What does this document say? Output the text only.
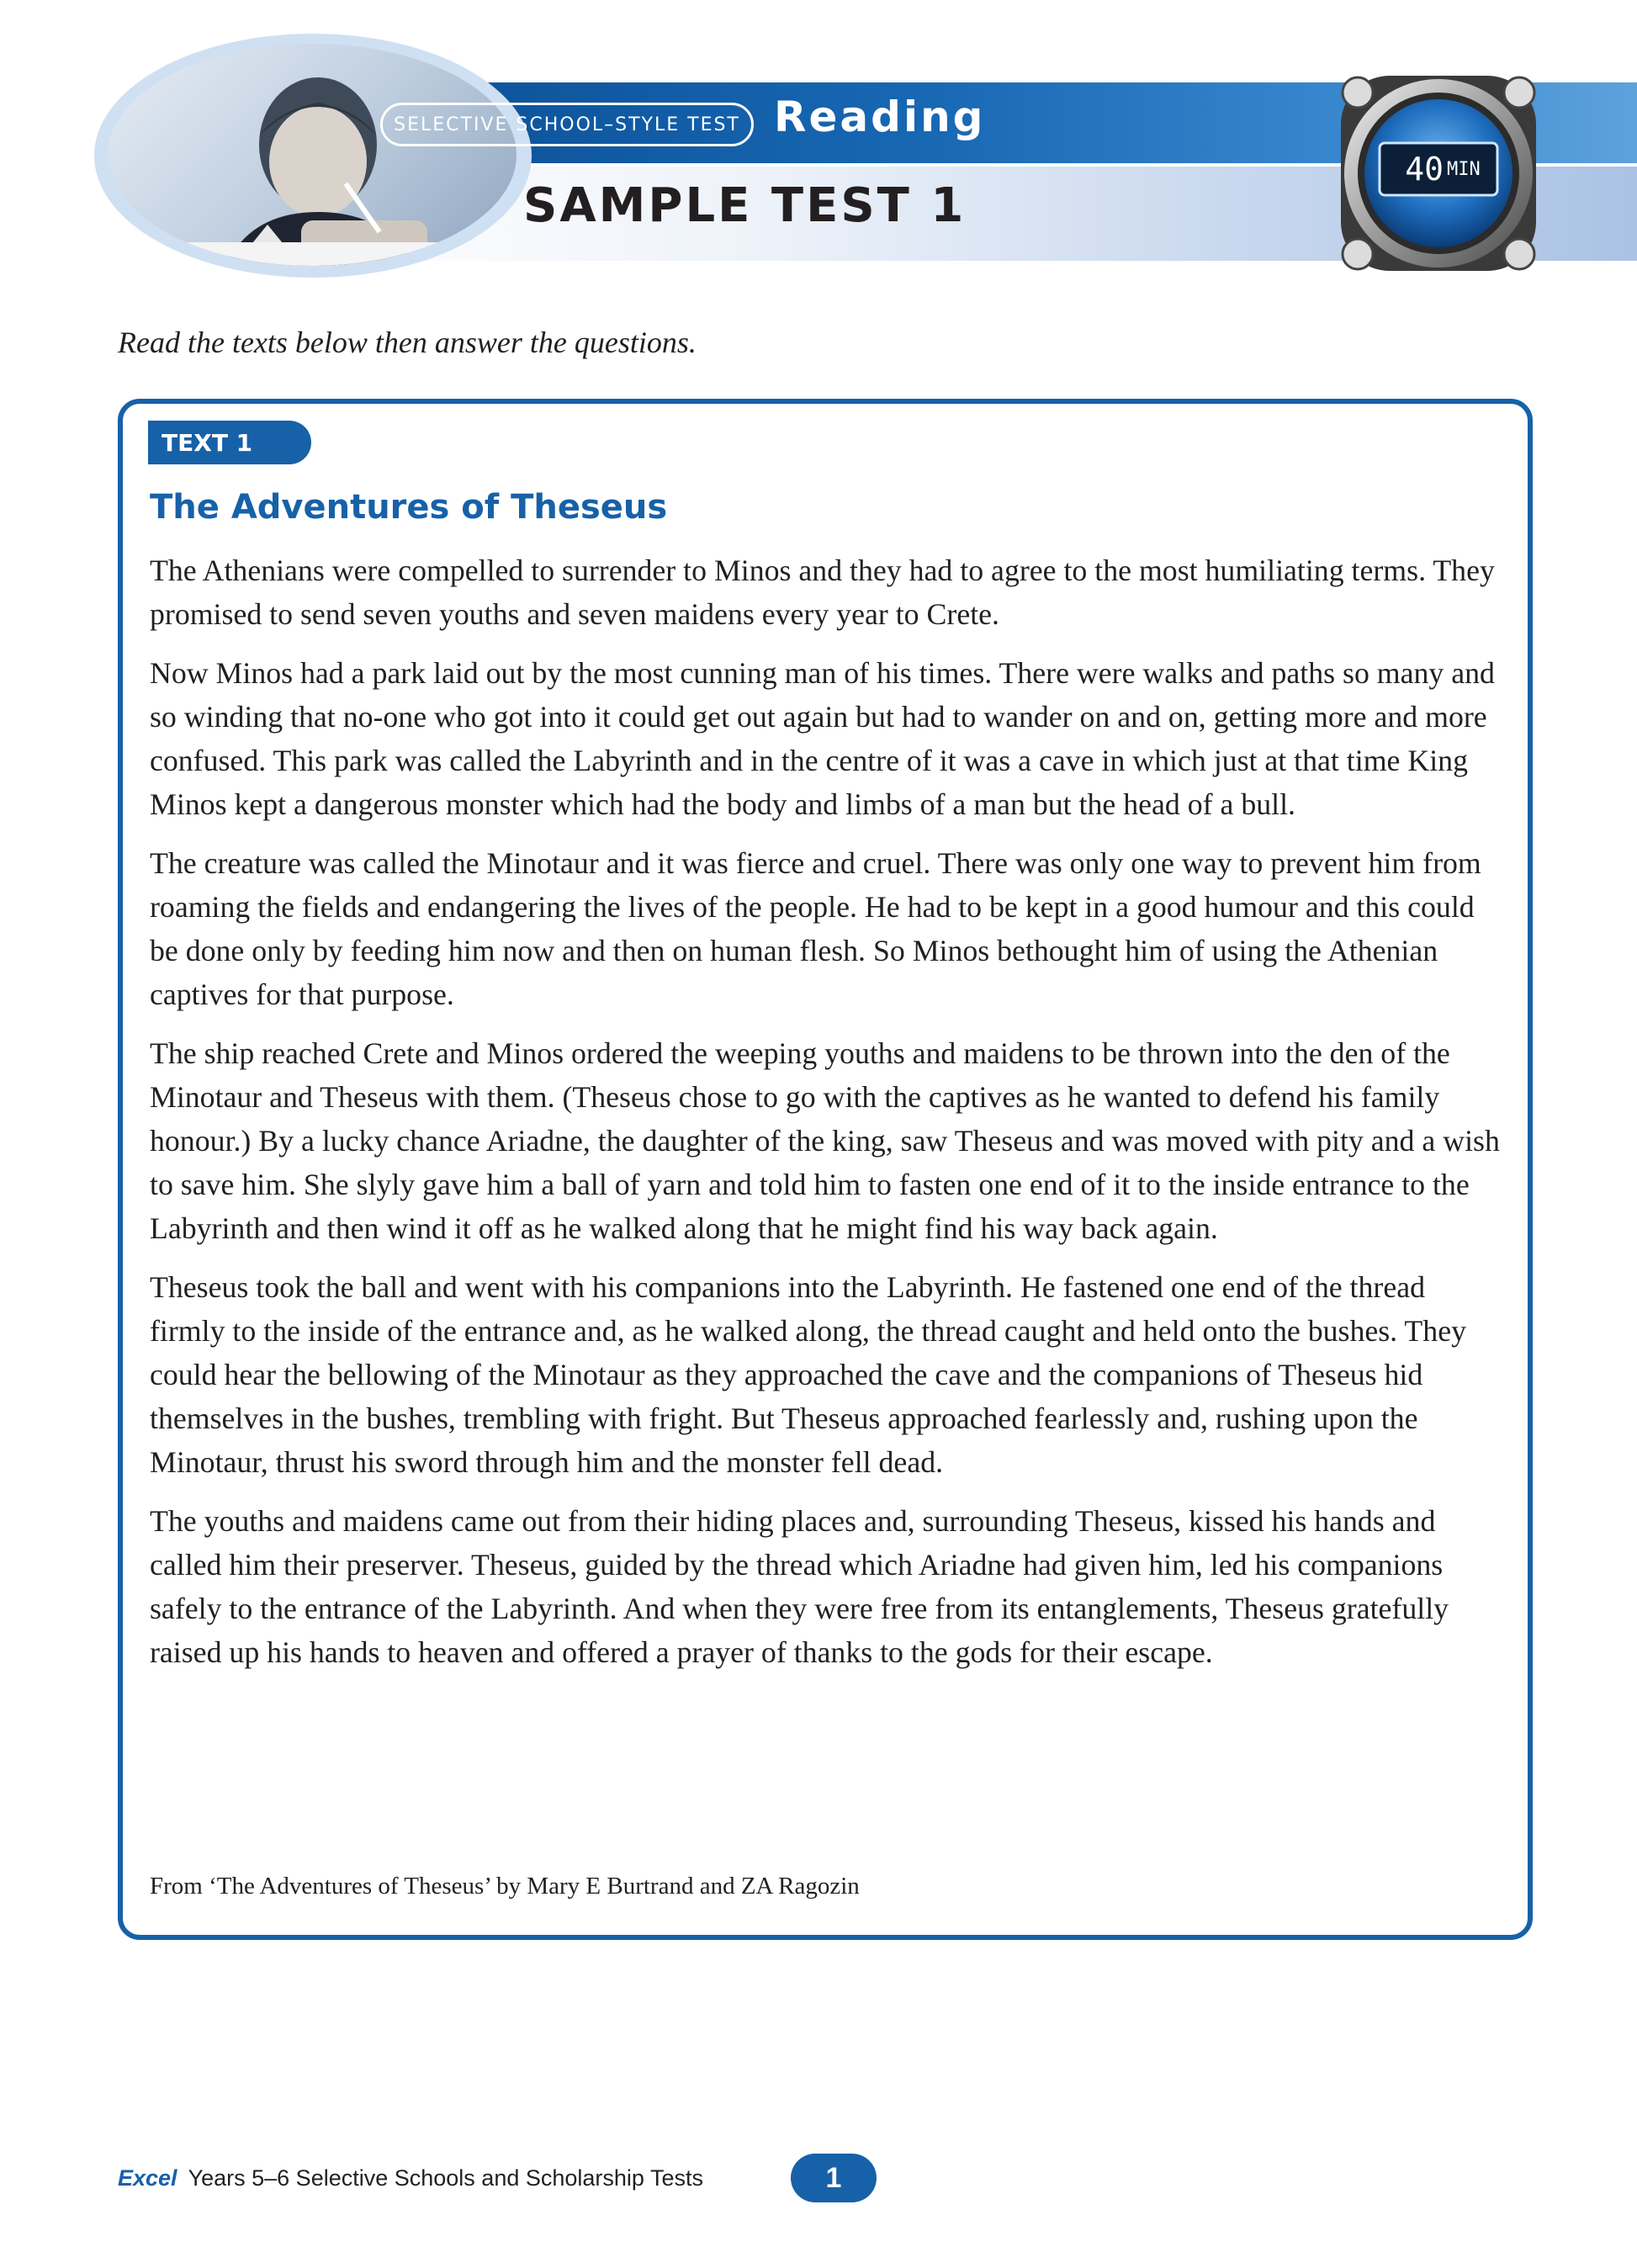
SELECTIVE SCHOOL–STYLE TEST Reading
SAMPLE TEST 1
40 MIN
Read the texts below then answer the questions.
TEXT 1
The Adventures of Theseus

The Athenians were compelled to surrender to Minos and they had to agree to the most humiliating terms. They promised to send seven youths and seven maidens every year to Crete.

Now Minos had a park laid out by the most cunning man of his times. There were walks and paths so many and so winding that no-one who got into it could get out again but had to wander on and on, getting more and more confused. This park was called the Labyrinth and in the centre of it was a cave in which just at that time King Minos kept a dangerous monster which had the body and limbs of a man but the head of a bull.

The creature was called the Minotaur and it was fierce and cruel. There was only one way to prevent him from roaming the fields and endangering the lives of the people. He had to be kept in a good humour and this could be done only by feeding him now and then on human flesh. So Minos bethought him of using the Athenian captives for that purpose.

The ship reached Crete and Minos ordered the weeping youths and maidens to be thrown into the den of the Minotaur and Theseus with them. (Theseus chose to go with the captives as he wanted to defend his family honour.) By a lucky chance Ariadne, the daughter of the king, saw Theseus and was moved with pity and a wish to save him. She slyly gave him a ball of yarn and told him to fasten one end of it to the inside entrance to the Labyrinth and then wind it off as he walked along that he might find his way back again.

Theseus took the ball and went with his companions into the Labyrinth. He fastened one end of the thread firmly to the inside of the entrance and, as he walked along, the thread caught and held onto the bushes. They could hear the bellowing of the Minotaur as they approached the cave and the companions of Theseus hid themselves in the bushes, trembling with fright. But Theseus approached fearlessly and, rushing upon the Minotaur, thrust his sword through him and the monster fell dead.

The youths and maidens came out from their hiding places and, surrounding Theseus, kissed his hands and called him their preserver. Theseus, guided by the thread which Ariadne had given him, led his companions safely to the entrance of the Labyrinth. And when they were free from its entanglements, Theseus gratefully raised up his hands to heaven and offered a prayer of thanks to the gods for their escape.

From ‘The Adventures of Theseus’ by Mary E Burtrand and ZA Ragozin
Excel Years 5–6 Selective Schools and Scholarship Tests	1
